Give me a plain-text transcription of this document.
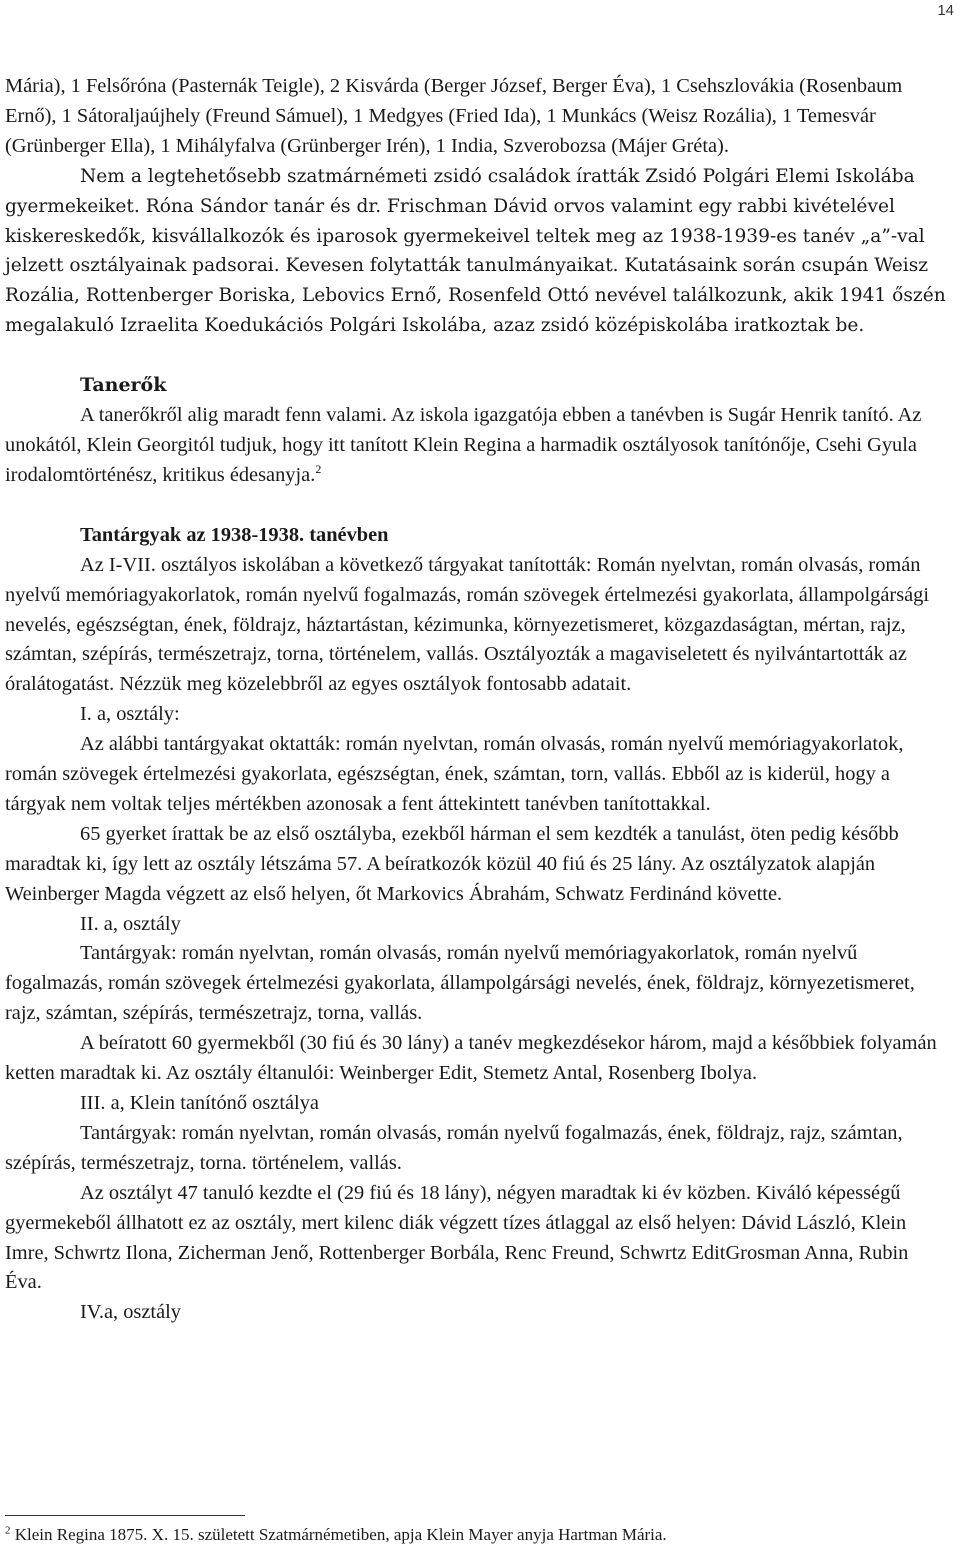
14

Mária), 1 Felsőróna (Pasternák Teigle), 2 Kisvárda (Berger József, Berger Éva), 1 Csehszlovákia (Rosenbaum Ernő), 1 Sátoraljaújhely (Freund Sámuel), 1 Medgyes (Fried Ida), 1 Munkács (Weisz Rozália), 1 Temesvár (Grünberger Ella), 1 Mihályfalva (Grünberger Irén), 1 India, Szverobozsa (Májer Gréta).

Nem a legtehetősebb szatmárnémeti zsidó családok íratták Zsidó Polgári Elemi Iskolába gyermekeiket. Róna Sándor tanár és dr. Frischman Dávid orvos valamint egy rabbi kivételével kiskereskedők, kisvállalkozók és iparosok gyermekeivel teltek meg az 1938-1939-es tanév „a”-val jelzett osztályainak padsorai. Kevesen folytatták tanulmányaikat. Kutatásaink során csupán Weisz Rozália, Rottenberger Boriska, Lebovics Ernő, Rosenfeld Ottó nevével találkozunk, akik 1941 őszén megalakuló Izraelita Koedukációs Polgári Iskolába, azaz zsidó középiskolába iratkoztak be.

Tanerők

A tanerőkről alig maradt fenn valami. Az iskola igazgatója ebben a tanévben is Sugár Henrik tanító. Az unokától, Klein Georgitól tudjuk, hogy itt tanított Klein Regina a harmadik osztályosok tanítónője, Csehi Gyula irodalomtörténész, kritikus édesanyja.$^2$

Tantárgyak az 1938-1938. tanévben

Az I-VII. osztályos iskolában a következő tárgyakat tanították: Román nyelvtan, román olvasás, román nyelvű memóriagyakorlatok, román nyelvű fogalmazás, román szövegek értelmezési gyakorlata, állampolgársági nevelés, egészségtan, ének, földrajz, háztartástan, kézimunka, környezetismeret, közgazdaságtan, mértan, rajz, számtan, szépírás, természetrajz, torna, történelem, vallás. Osztályozták a magaviseletett és nyilvántartották az óralátogatást. Nézzük meg közelebbről az egyes osztályok fontosabb adatait.

I. a, osztály:

Az alábbi tantárgyakat oktatták: román nyelvtan, román olvasás, román nyelvű memóriagyakorlatok, román szövegek értelmezési gyakorlata, egészségtan, ének, számtan, torn, vallás. Ebből az is kiderül, hogy a tárgyak nem voltak teljes mértékben azonosak a fent áttekintett tanévben tanítottakkal.

65 gyerket írattak be az első osztályba, ezekből hárman el sem kezdték a tanulást, öten pedig később maradtak ki, így lett az osztály létszáma 57. A beíratkozók közül 40 fiú és 25 lány. Az osztályzatok alapján Weinberger Magda végzett az első helyen, őt Markovics Ábrahám, Schwatz Ferdinánd követte.

II. a, osztály

Tantárgyak: román nyelvtan, román olvasás, román nyelvű memóriagyakorlatok, román nyelvű fogalmazás, román szövegek értelmezési gyakorlata, állampolgársági nevelés, ének, földrajz, környezetismeret, rajz, számtan, szépírás, természetrajz, torna, vallás.

A beíratott 60 gyermekből (30 fiú és 30 lány) a tanév megkezdésekor három, majd a későbbiek folyamán ketten maradtak ki. Az osztály éltanulói: Weinberger Edit, Stemetz Antal, Rosenberg Ibolya.

III. a, Klein tanítónő osztálya

Tantárgyak: román nyelvtan, román olvasás, román nyelvű fogalmazás, ének, földrajz, rajz, számtan, szépírás, természetrajz, torna. történelem, vallás.

Az osztályt 47 tanuló kezdte el (29 fiú és 18 lány), négyen maradtak ki év közben. Kiváló képességű gyermekeből állhatott ez az osztály, mert kilenc diák végzett tízes átlaggal az első helyen: Dávid László, Klein Imre, Schwrtz Ilona, Zicherman Jenő, Rottenberger Borbála, Renc Freund, Schwrtz EditGrosman Anna, Rubin Éva.

IV.a, osztály

$^2$ Klein Regina 1875. X. 15. született Szatmárnémetiben, apja Klein Mayer anyja Hartman Mária.
